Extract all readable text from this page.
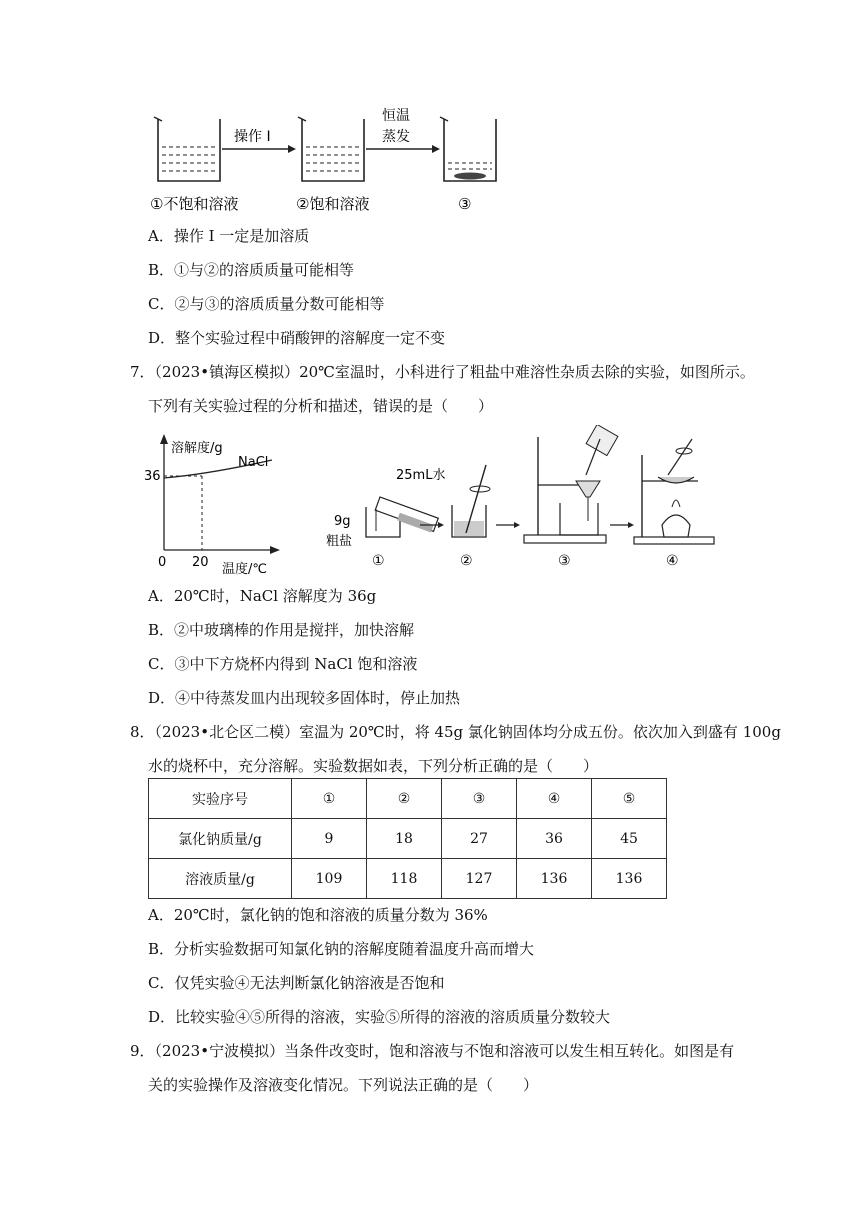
操作 I
恒温
蒸发
①不饱和溶液	②饱和溶液	③
A．操作 I 一定是加溶质
B．①与②的溶质质量可能相等
C．②与③的溶质质量分数可能相等
D．整个实验过程中硝酸钾的溶解度一定不变
7．（2023•镇海区模拟）20℃室温时，小科进行了粗盐中难溶性杂质去除的实验，如图所示。
下列有关实验过程的分析和描述，错误的是（　　）
溶解度/g
NaCl
36
0 20 温度/℃
25mL水
9g
粗盐
①	②	③	④
A．20℃时，NaCl 溶解度为 36g
B．②中玻璃棒的作用是搅拌，加快溶解
C．③中下方烧杯内得到 NaCl 饱和溶液
D．④中待蒸发皿内出现较多固体时，停止加热
8．（2023•北仑区二模）室温为 20℃时，将 45g 氯化钠固体均分成五份。依次加入到盛有 100g
水的烧杯中，充分溶解。实验数据如表，下列分析正确的是（　　）
实验序号	①	②	③	④	⑤
氯化钠质量/g	9	18	27	36	45
溶液质量/g	109	118	127	136	136
A．20℃时，氯化钠的饱和溶液的质量分数为 36%
B．分析实验数据可知氯化钠的溶解度随着温度升高而增大
C．仅凭实验④无法判断氯化钠溶液是否饱和
D．比较实验④⑤所得的溶液，实验⑤所得的溶液的溶质质量分数较大
9．（2023•宁波模拟）当条件改变时，饱和溶液与不饱和溶液可以发生相互转化。如图是有
关的实验操作及溶液变化情况。下列说法正确的是（　　）
